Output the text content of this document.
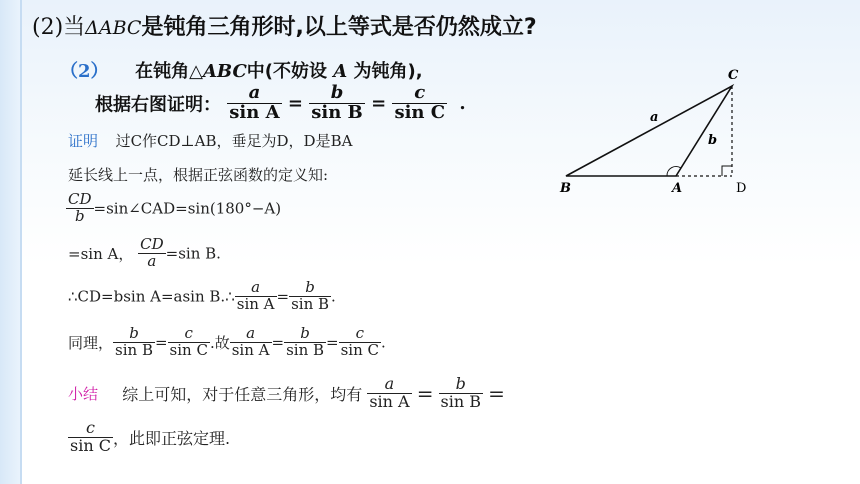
(2)当ΔABC是钝角三角形时,以上等式是否仍然成立?
（2） 在钝角△ABC中(不妨设 A 为钝角),
根据右图证明： $\frac{a}{\text{sin A}} = \frac{b}{\text{sin B}} = \frac{c}{\text{sin C}}$ .
证明 过C作CD⊥AB，垂足为D，D是BA
延长线上一点，根据正弦函数的定义知:
$\frac{CD}{b}$ =sin∠CAD=sin(180°−A)
=sin A， $\frac{CD}{a} =\sin$ B.
∴CD=bsin A=asin B.∴ $\frac{a}{\text{sin A}} = \frac{b}{\text{sin B}}$ .
同理， $\frac{b}{\text{sin B}} = \frac{c}{\text{sin C}}$ .故 $\frac{a}{\text{sin A}} = \frac{b}{\text{sin B}} = \frac{c}{\text{sin C}}$ .
小结 综上可知，对于任意三角形，均有 $\frac{a}{\text{sin A}} = \frac{b}{\text{sin B}}$ =
$\frac{c}{\text{sin C}}$ ，此即正弦定理.
C
B	A	D
a
b
